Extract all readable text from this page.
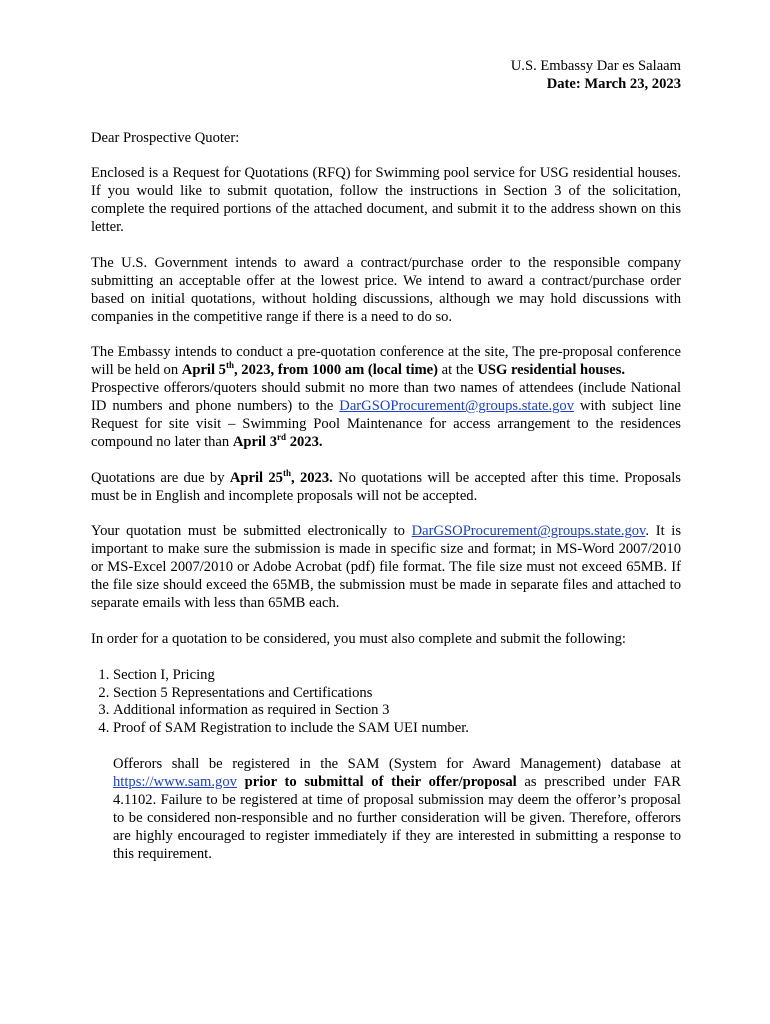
U.S. Embassy Dar es Salaam
Date: March 23, 2023

Dear Prospective Quoter:

Enclosed is a Request for Quotations (RFQ) for Swimming pool service for USG residential houses. If you would like to submit quotation, follow the instructions in Section 3 of the solicitation, complete the required portions of the attached document, and submit it to the address shown on this letter.

The U.S. Government intends to award a contract/purchase order to the responsible company submitting an acceptable offer at the lowest price. We intend to award a contract/purchase order based on initial quotations, without holding discussions, although we may hold discussions with companies in the competitive range if there is a need to do so.

The Embassy intends to conduct a pre-quotation conference at the site, The pre-proposal conference will be held on April 5th, 2023, from 1000 am (local time) at the USG residential houses.

Prospective offerors/quoters should submit no more than two names of attendees (include National ID numbers and phone numbers) to the DarGSOProcurement@groups.state.gov with subject line Request for site visit – Swimming Pool Maintenance for access arrangement to the residences compound no later than April 3rd 2023.

Quotations are due by April 25th, 2023. No quotations will be accepted after this time. Proposals must be in English and incomplete proposals will not be accepted.

Your quotation must be submitted electronically to DarGSOProcurement@groups.state.gov. It is important to make sure the submission is made in specific size and format; in MS-Word 2007/2010 or MS-Excel 2007/2010 or Adobe Acrobat (pdf) file format. The file size must not exceed 65MB. If the file size should exceed the 65MB, the submission must be made in separate files and attached to separate emails with less than 65MB each.

In order for a quotation to be considered, you must also complete and submit the following:

1. Section I, Pricing
2. Section 5 Representations and Certifications
3. Additional information as required in Section 3
4. Proof of SAM Registration to include the SAM UEI number.

Offerors shall be registered in the SAM (System for Award Management) database at https://www.sam.gov prior to submittal of their offer/proposal as prescribed under FAR 4.1102. Failure to be registered at time of proposal submission may deem the offeror’s proposal to be considered non-responsible and no further consideration will be given. Therefore, offerors are highly encouraged to register immediately if they are interested in submitting a response to this requirement.
